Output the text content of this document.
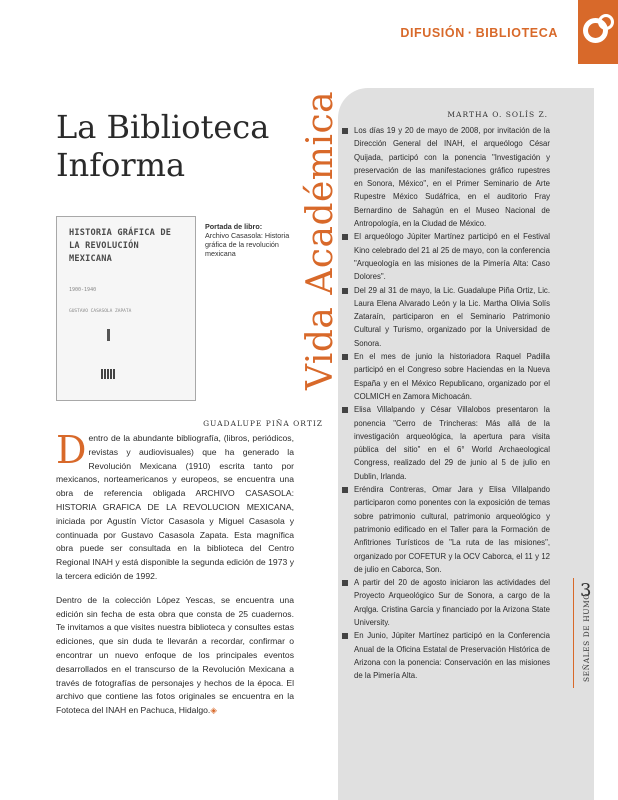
DIFUSIÓN · BIBLIOTECA
La Biblioteca
Informa
HISTORIA GRÁFICA DE LA REVOLUCIÓN MEXICANA
1900-1940
GUSTAVO CASASOLA ZAPATA
Portada de libro:
Archivo Casasola: Historia gráfica de la revolución mexicana	Vida Académica
GUADALUPE PIÑA ORTIZ

Dentro de la abundante bibliografía, (libros, periódicos, revistas y audiovisuales) que ha generado la Revolución Mexicana (1910) escrita tanto por mexicanos, norteamericanos y europeos, se encuentra una obra de referencia obligada ARCHIVO CASASOLA: HISTORIA GRAFICA DE LA REVOLUCION MEXICANA, iniciada por Agustín Víctor Casasola y Miguel Casasola y continuada por Gustavo Casasola Zapata. Esta magnífica obra puede ser consultada en la biblioteca del Centro Regional INAH y está disponible la segunda edición de 1973 y la tercera edición de 1992.

Dentro de la colección López Yescas, se encuentra una edición sin fecha de esta obra que consta de 25 cuadernos. Te invitamos a que visites nuestra biblioteca y consultes estas ediciones, que sin duda te llevarán a recordar, confirmar o encontrar un nuevo enfoque de los principales eventos desarrollados en el transcurso de la Revolución Mexicana a través de fotografías de personajes y hechos de la época. El archivo que contiene las fotos originales se encuentra en la Fototeca del INAH en Pachuca, Hidalgo.◈

MARTHA O. SOLÍS Z.
Los días 19 y 20 de mayo de 2008, por invitación de la Dirección General del INAH, el arqueólogo César Quijada, participó con la ponencia "Investigación y preservación de las manifestaciones gráfico rupestres en Sonora, México", en el Primer Seminario de Arte Rupestre México Sudáfrica, en el auditorio Fray Bernardino de Sahagún en el Museo Nacional de Antropología, en la Ciudad de México.
El arqueólogo Júpiter Martínez participó en el Festival Kino celebrado del 21 al 25 de mayo, con la conferencia "Arqueología en las misiones de la Pimería Alta: Caso Dolores".
Del 29 al 31 de mayo, la Lic. Guadalupe Piña Ortiz, Lic. Laura Elena Alvarado León y la Lic. Martha Olivia Solís Zataraín, participaron en el Seminario Patrimonio Cultural y Turismo, organizado por la Universidad de Sonora.
En el mes de junio la historiadora Raquel Padilla participó en el Congreso sobre Haciendas en la Nueva España y en el México Republicano, organizado por el COLMICH en Zamora Michoacán.
Elisa Villalpando y César Villalobos presentaron la ponencia "Cerro de Trincheras: Más allá de la investigación arqueológica, la apertura para visita pública del sitio" en el 6° World Archaeological Congress, realizado del 29 de junio al 5 de julio en Dublin, Irlanda.
Eréndira Contreras, Omar Jara y Elisa Villalpando participaron como ponentes con la exposición de temas sobre patrimonio cultural, patrimonio arqueológico y patrimonio edificado en el Taller para la Formación de Anfitriones Turísticos de "La ruta de las misiones", organizado por COFETUR y la OCV Caborca, el 11 y 12 de julio en Caborca, Son.
A partir del 20 de agosto iniciaron las actividades del Proyecto Arqueológico Sur de Sonora, a cargo de la Arqlga. Cristina García y financiado por la Arizona State University.
En Junio, Júpiter Martínez participó en la Conferencia Anual de la Oficina Estatal de Preservación Histórica de Arizona con la ponencia: Conservación en las misiones de la Pimería Alta.
3
SEÑALES DE HUMO
